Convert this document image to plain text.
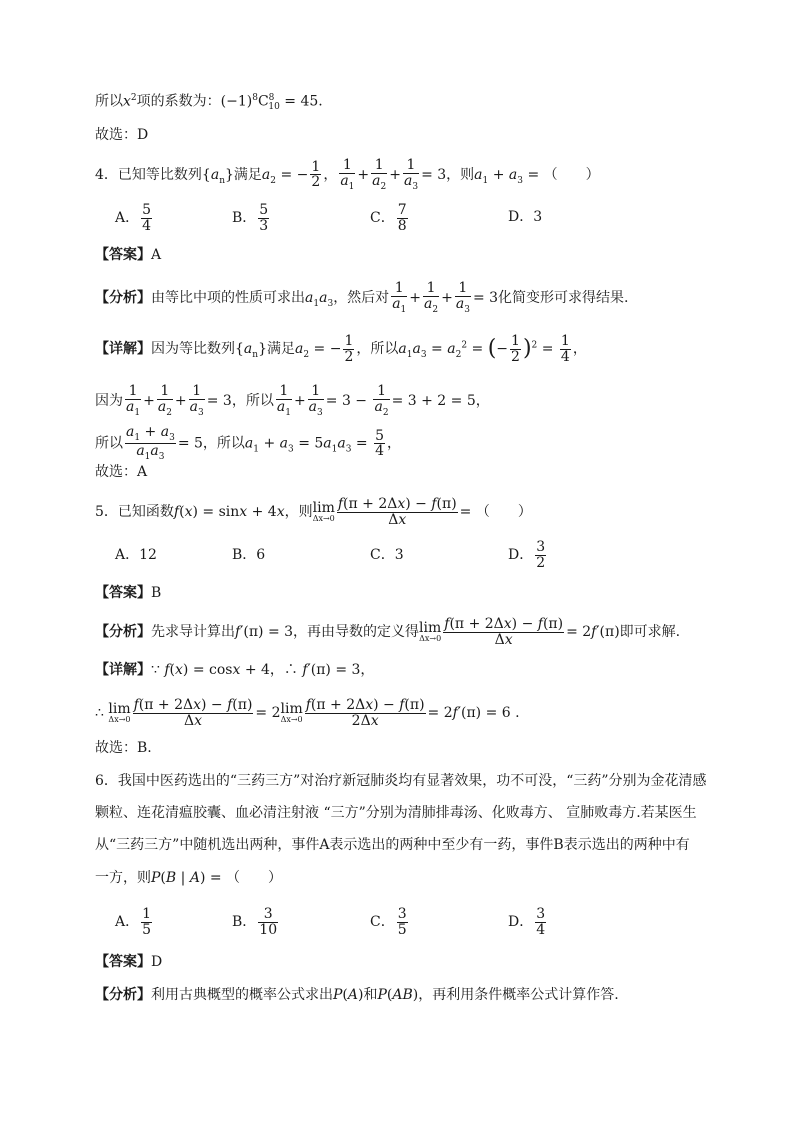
所以$x^2$项的系数为：$(-1)^8C^8_{10} = 45$.
故选：D
4．已知等比数列$\{a_n\}$满足$a_2$ = − $\frac{1}{2}$ ， $\frac{1}{a_1} + \frac{1}{a_2} + \frac{1}{a_3} = 3$，则$a_1 + a_3$ = （　　）
A． $\frac{5}{4}$	B． $\frac{5}{3}$	C． $\frac{7}{8}$	D．3
【答案】A
【分析】由等比中项的性质可求出$a_1a_3$，然后对 $\frac{1}{a_1} + \frac{1}{a_2} + \frac{1}{a_3} = 3$化简变形可求得结果.
【详解】因为等比数列$\{a_n\}$满足$a_2$ = − $\frac{1}{2}$ ，所以$a_1a_3 = a_2^2$ = (− $\frac{1}{2} )^2 = \frac{1}{4}$ ，
因为 $\frac{1}{a_1} + \frac{1}{a_2} + \frac{1}{a_3} = 3$，所以 $\frac{1}{a_1} + \frac{1}{a_3} = 3 - \frac{1}{a_2} = 3 + 2 = 5$，
所以 $\frac{a_1 + a_3}{a_1a_3} = 5$，所以$a_1 + a_3 = 5a_1a_3 = \frac{5}{4}$ ，
故选：A
5．已知函数f(x) = sinx + 4x，则lim
$\Delta x\to 0 \frac{f(\pi + 2\Delta x) - f(\pi)}{\Delta x}$ = （　　）
A．12	B．6	C．3	D． $\frac{3}{2}$
【答案】B
【分析】先求导计算出f′(π) = 3，再由导数的定义得lim
$\Delta x\to 0 \frac{f(\pi + 2\Delta x) - f(\pi)}{\Delta x} = 2f'(\pi)$即可求解.
【详解】∵ f(x) = cosx + 4，∴ f′(π) = 3，
∴ lim
$\Delta x\to 0 \frac{f(\pi + 2\Delta x) - f(\pi)}{\Delta x} = 2\lim$
$\Delta x\to 0 \frac{f(\pi + 2\Delta x) - f(\pi)}{2\Delta x} = 2f'(\pi) = 6$ .
故选：B.
6．我国中医药选出的“三药三方”对治疗新冠肺炎均有显著效果，功不可没，“三药”分别为金花清感
颗粒、连花清瘟胶囊、血必清注射液 “三方”分别为清肺排毒汤、化败毒方、 宣肺败毒方.若某医生
从“三药三方”中随机选出两种，事件A表示选出的两种中至少有一药，事件B表示选出的两种中有
一方，则P(B | A) = （　　）
A． $\frac{1}{5}$	B． $\frac{3}{10}$	C． $\frac{3}{5}$	D． $\frac{3}{4}$
【答案】D
【分析】利用古典概型的概率公式求出P(A)和P(AB)，再利用条件概率公式计算作答.
